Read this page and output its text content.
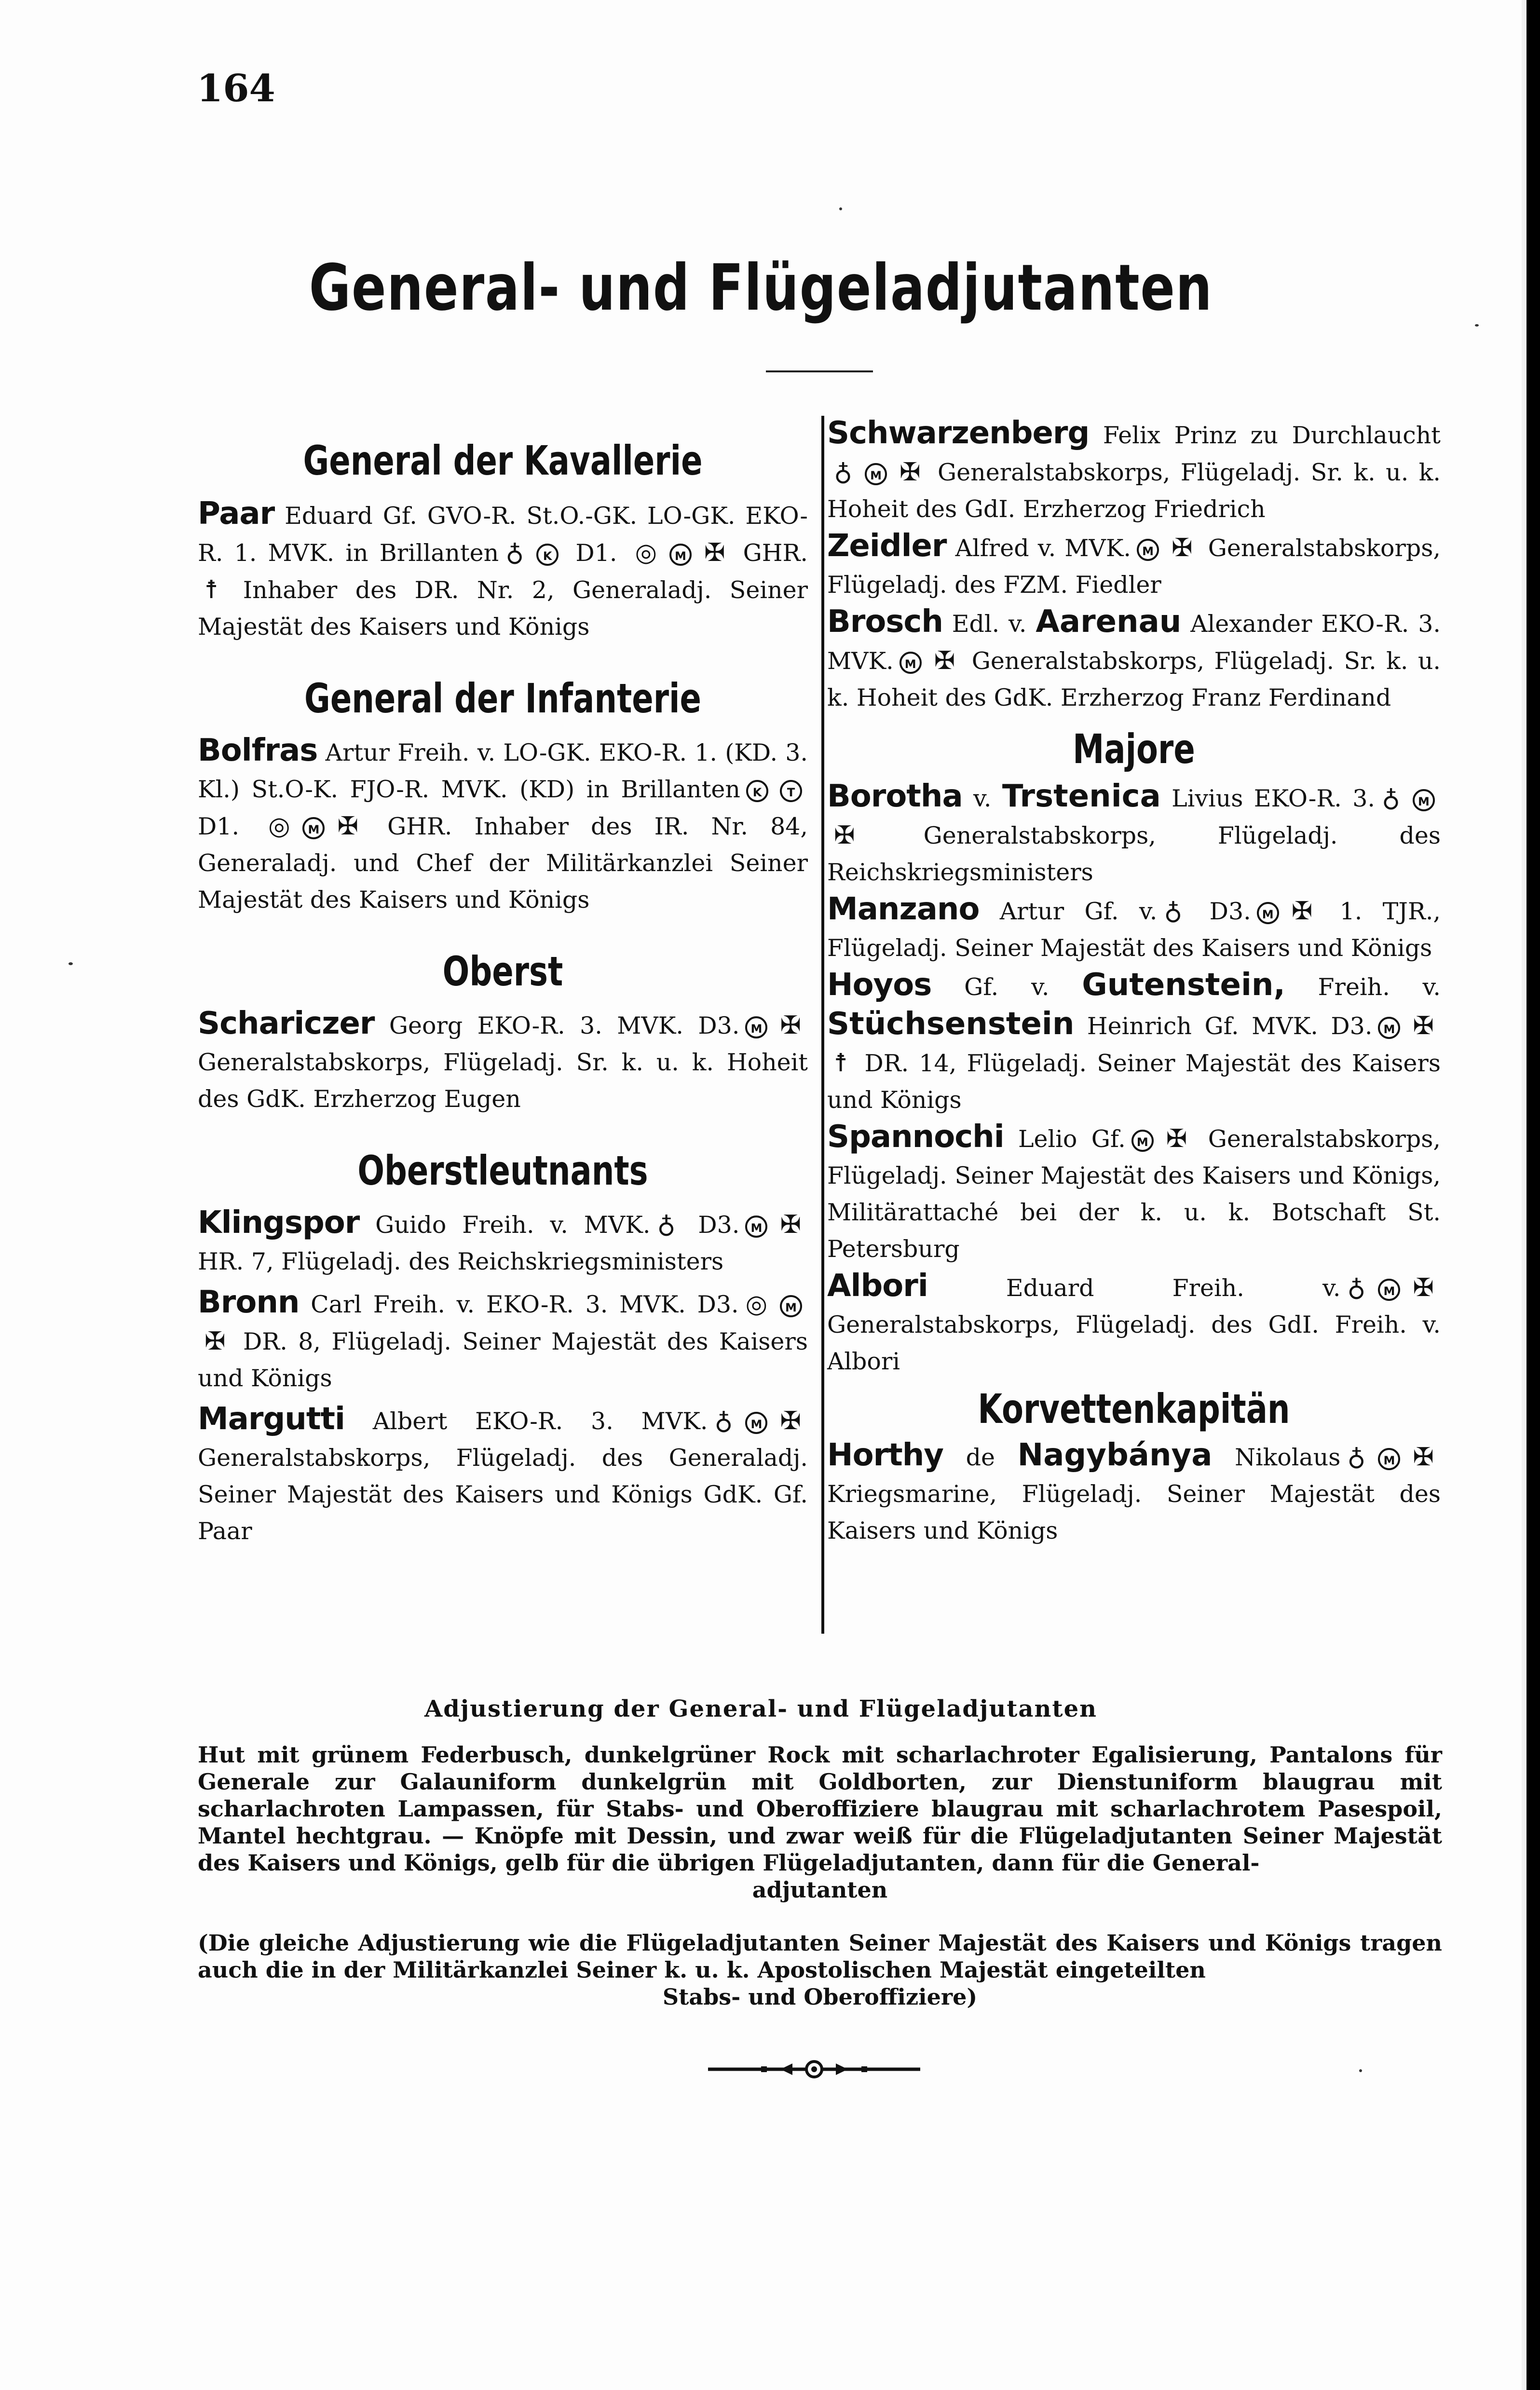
164
General- und Flügeladjutanten
General der Kavallerie

Paar Eduard Gf. GVO-R. St.O.-GK. LO-GK. EKO-R. 1. MVK. in Brillanten ♁ K D1. ◎ M ✠ GHR. ☨ Inhaber des DR. Nr. 2, Generaladj. Seiner Majestät des Kaisers und Königs

General der Infanterie

Bolfras Artur Freih. v. LO-GK. EKO-R. 1. (KD. 3. Kl.) St.O-K. FJO-R. MVK. (KD) in Brillanten K T D1. ◎ M ✠ GHR. Inhaber des IR. Nr. 84, Generaladj. und Chef der Militärkanzlei Seiner Majestät des Kaisers und Königs

Oberst

Schariczer Georg EKO-R. 3. MVK. D3. M ✠ Generalstabskorps, Flügeladj. Sr. k. u. k. Hoheit des GdK. Erzherzog Eugen

Oberstleutnants

Klingspor Guido Freih. v. MVK. ♁ D3. M ✠ HR. 7, Flügeladj. des Reichskriegsministers

Bronn Carl Freih. v. EKO-R. 3. MVK. D3. ◎ M✠ DR. 8, Flügeladj. Seiner Majestät des Kaisers und Königs

Margutti Albert EKO-R. 3. MVK. ♁ M ✠ Generalstabskorps, Flügeladj. des Generaladj. Seiner Majestät des Kaisers und Königs GdK. Gf. Paar

Schwarzenberg Felix Prinz zu Durchlaucht♁ M ✠ Generalstabskorps, Flügeladj. Sr. k. u. k. Hoheit des GdI. Erzherzog Friedrich

Zeidler Alfred v. MVK. M ✠ Generalstabskorps, Flügeladj. des FZM. Fiedler

Brosch Edl. v. Aarenau Alexander EKO-R. 3. MVK. M ✠ Generalstabskorps, Flügeladj. Sr. k. u. k. Hoheit des GdK. Erzherzog Franz Ferdinand

Majore

Borotha v. Trstenica Livius EKO-R. 3. ♁ M✠ Generalstabskorps, Flügeladj. des Reichskriegsministers

Manzano Artur Gf. v. ♁ D3. M ✠ 1. TJR., Flügeladj. Seiner Majestät des Kaisers und Königs

Hoyos Gf. v. Gutenstein, Freih. v. Stüchsenstein Heinrich Gf. MVK. D3. M ✠☨ DR. 14, Flügeladj. Seiner Majestät des Kaisers und Königs

Spannochi Lelio Gf. M ✠ Generalstabskorps, Flügeladj. Seiner Majestät des Kaisers und Königs, Militärattaché bei der k. u. k. Botschaft St. Petersburg

Albori Eduard Freih. v. ♁ M ✠ Generalstabskorps, Flügeladj. des GdI. Freih. v. Albori

Korvettenkapitän

Horthy de Nagybánya Nikolaus ♁ M ✠ Kriegsmarine, Flügeladj. Seiner Majestät des Kaisers und Königs

Adjustierung der General- und Flügeladjutanten
Hut mit grünem Federbusch, dunkelgrüner Rock mit scharlachroter Egalisierung, Pantalons für Generale zur Galauniform dunkelgrün mit Goldborten, zur Dienstuniform blaugrau mit scharlachroten Lampassen, für Stabs- und Oberoffiziere blaugrau mit scharlachrotem Pasespoil, Mantel hechtgrau. — Knöpfe mit Dessin, und zwar weiß für die Flügeladjutanten Seiner Majestät des Kaisers und Königs, gelb für die übrigen Flügeladjutanten, dann für die General-
adjutanten
(Die gleiche Adjustierung wie die Flügeladjutanten Seiner Majestät des Kaisers und Königs tragen auch die in der Militärkanzlei Seiner k. u. k. Apostolischen Majestät eingeteilten
Stabs- und Oberoffiziere)
